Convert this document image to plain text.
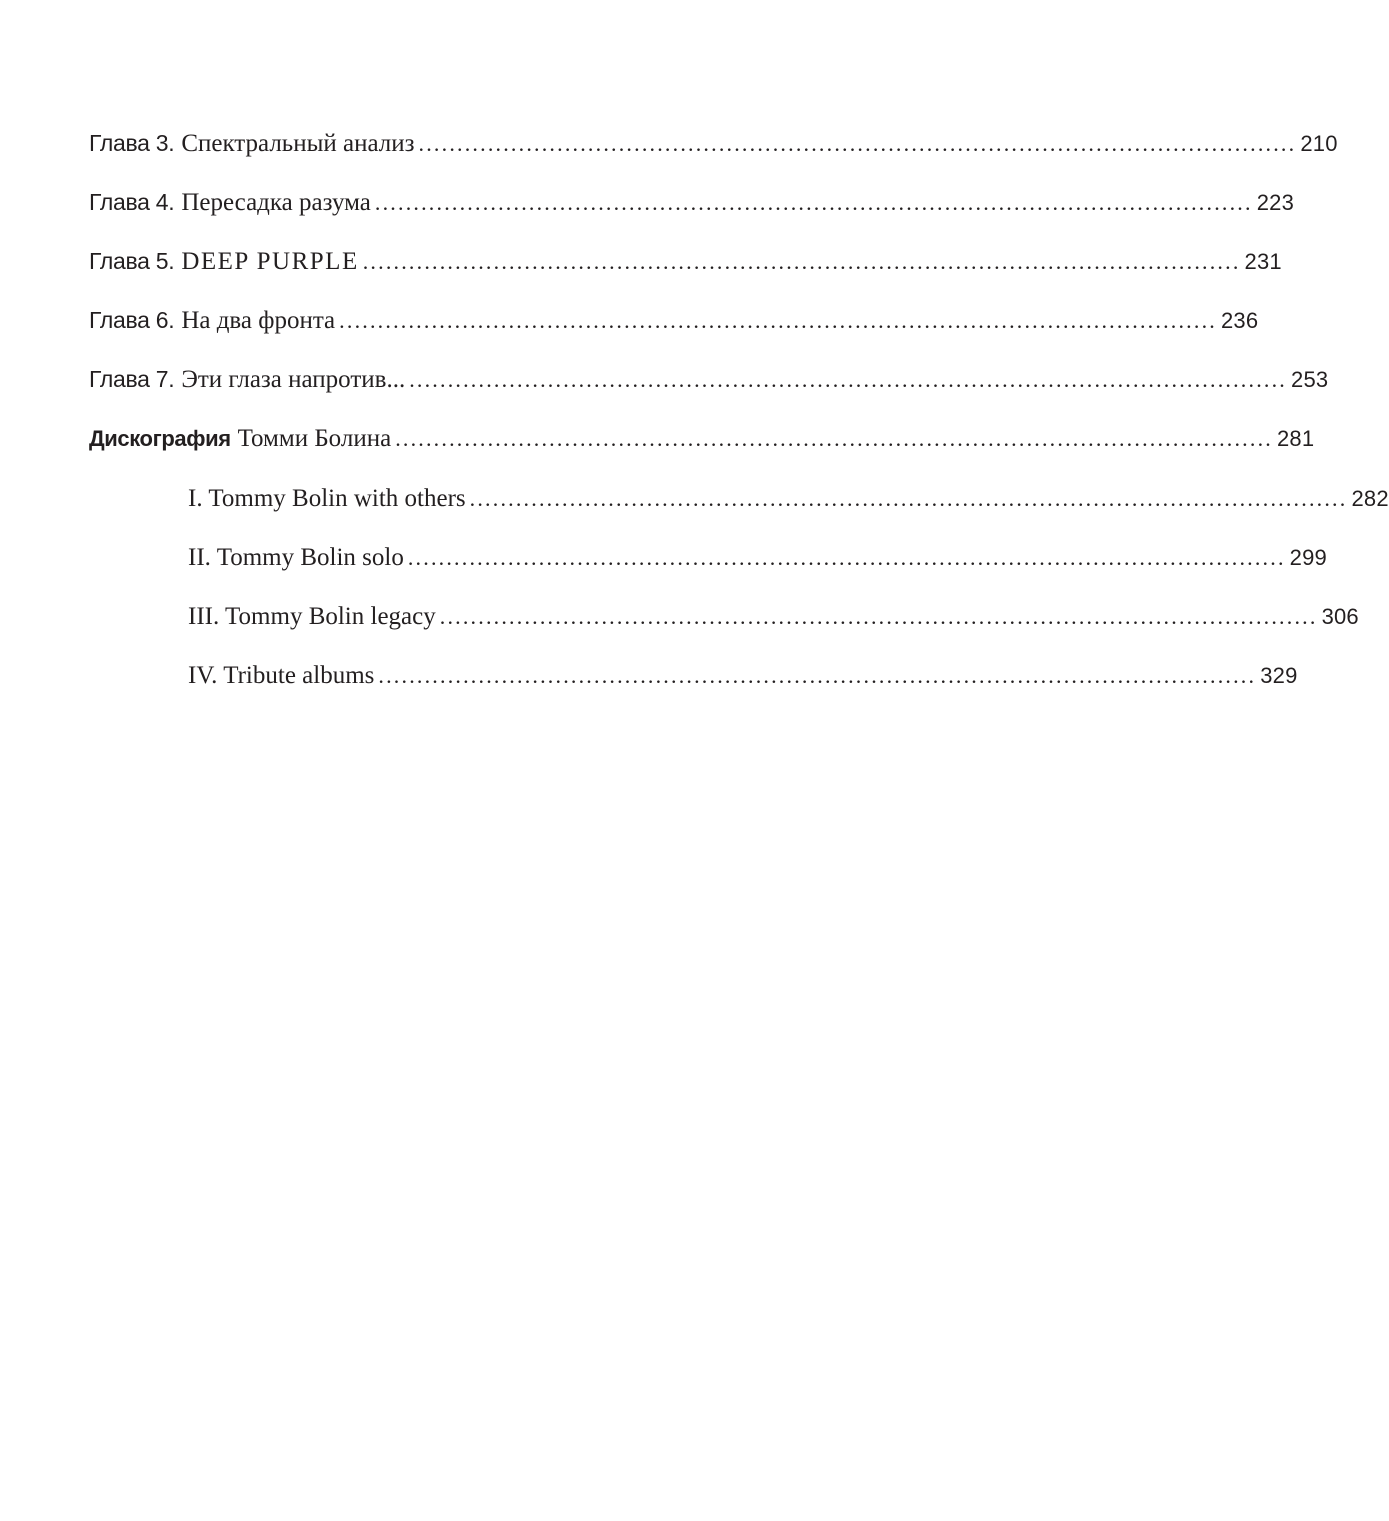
Глава 3. Спектральный анализ .................................................................................................................. 210
Глава 4. Пересадка разума .................................................................................................................. 223
Глава 5. DEEP PURPLE .................................................................................................................. 231
Глава 6. На два фронта .................................................................................................................. 236
Глава 7. Эти глаза напротив... .................................................................................................................. 253
Дискография Томми Болина .................................................................................................................. 281
I. Tommy Bolin with others .................................................................................................................. 282
II. Tommy Bolin solo .................................................................................................................. 299
III. Tommy Bolin legacy .................................................................................................................. 306
IV. Tribute albums .................................................................................................................. 329
